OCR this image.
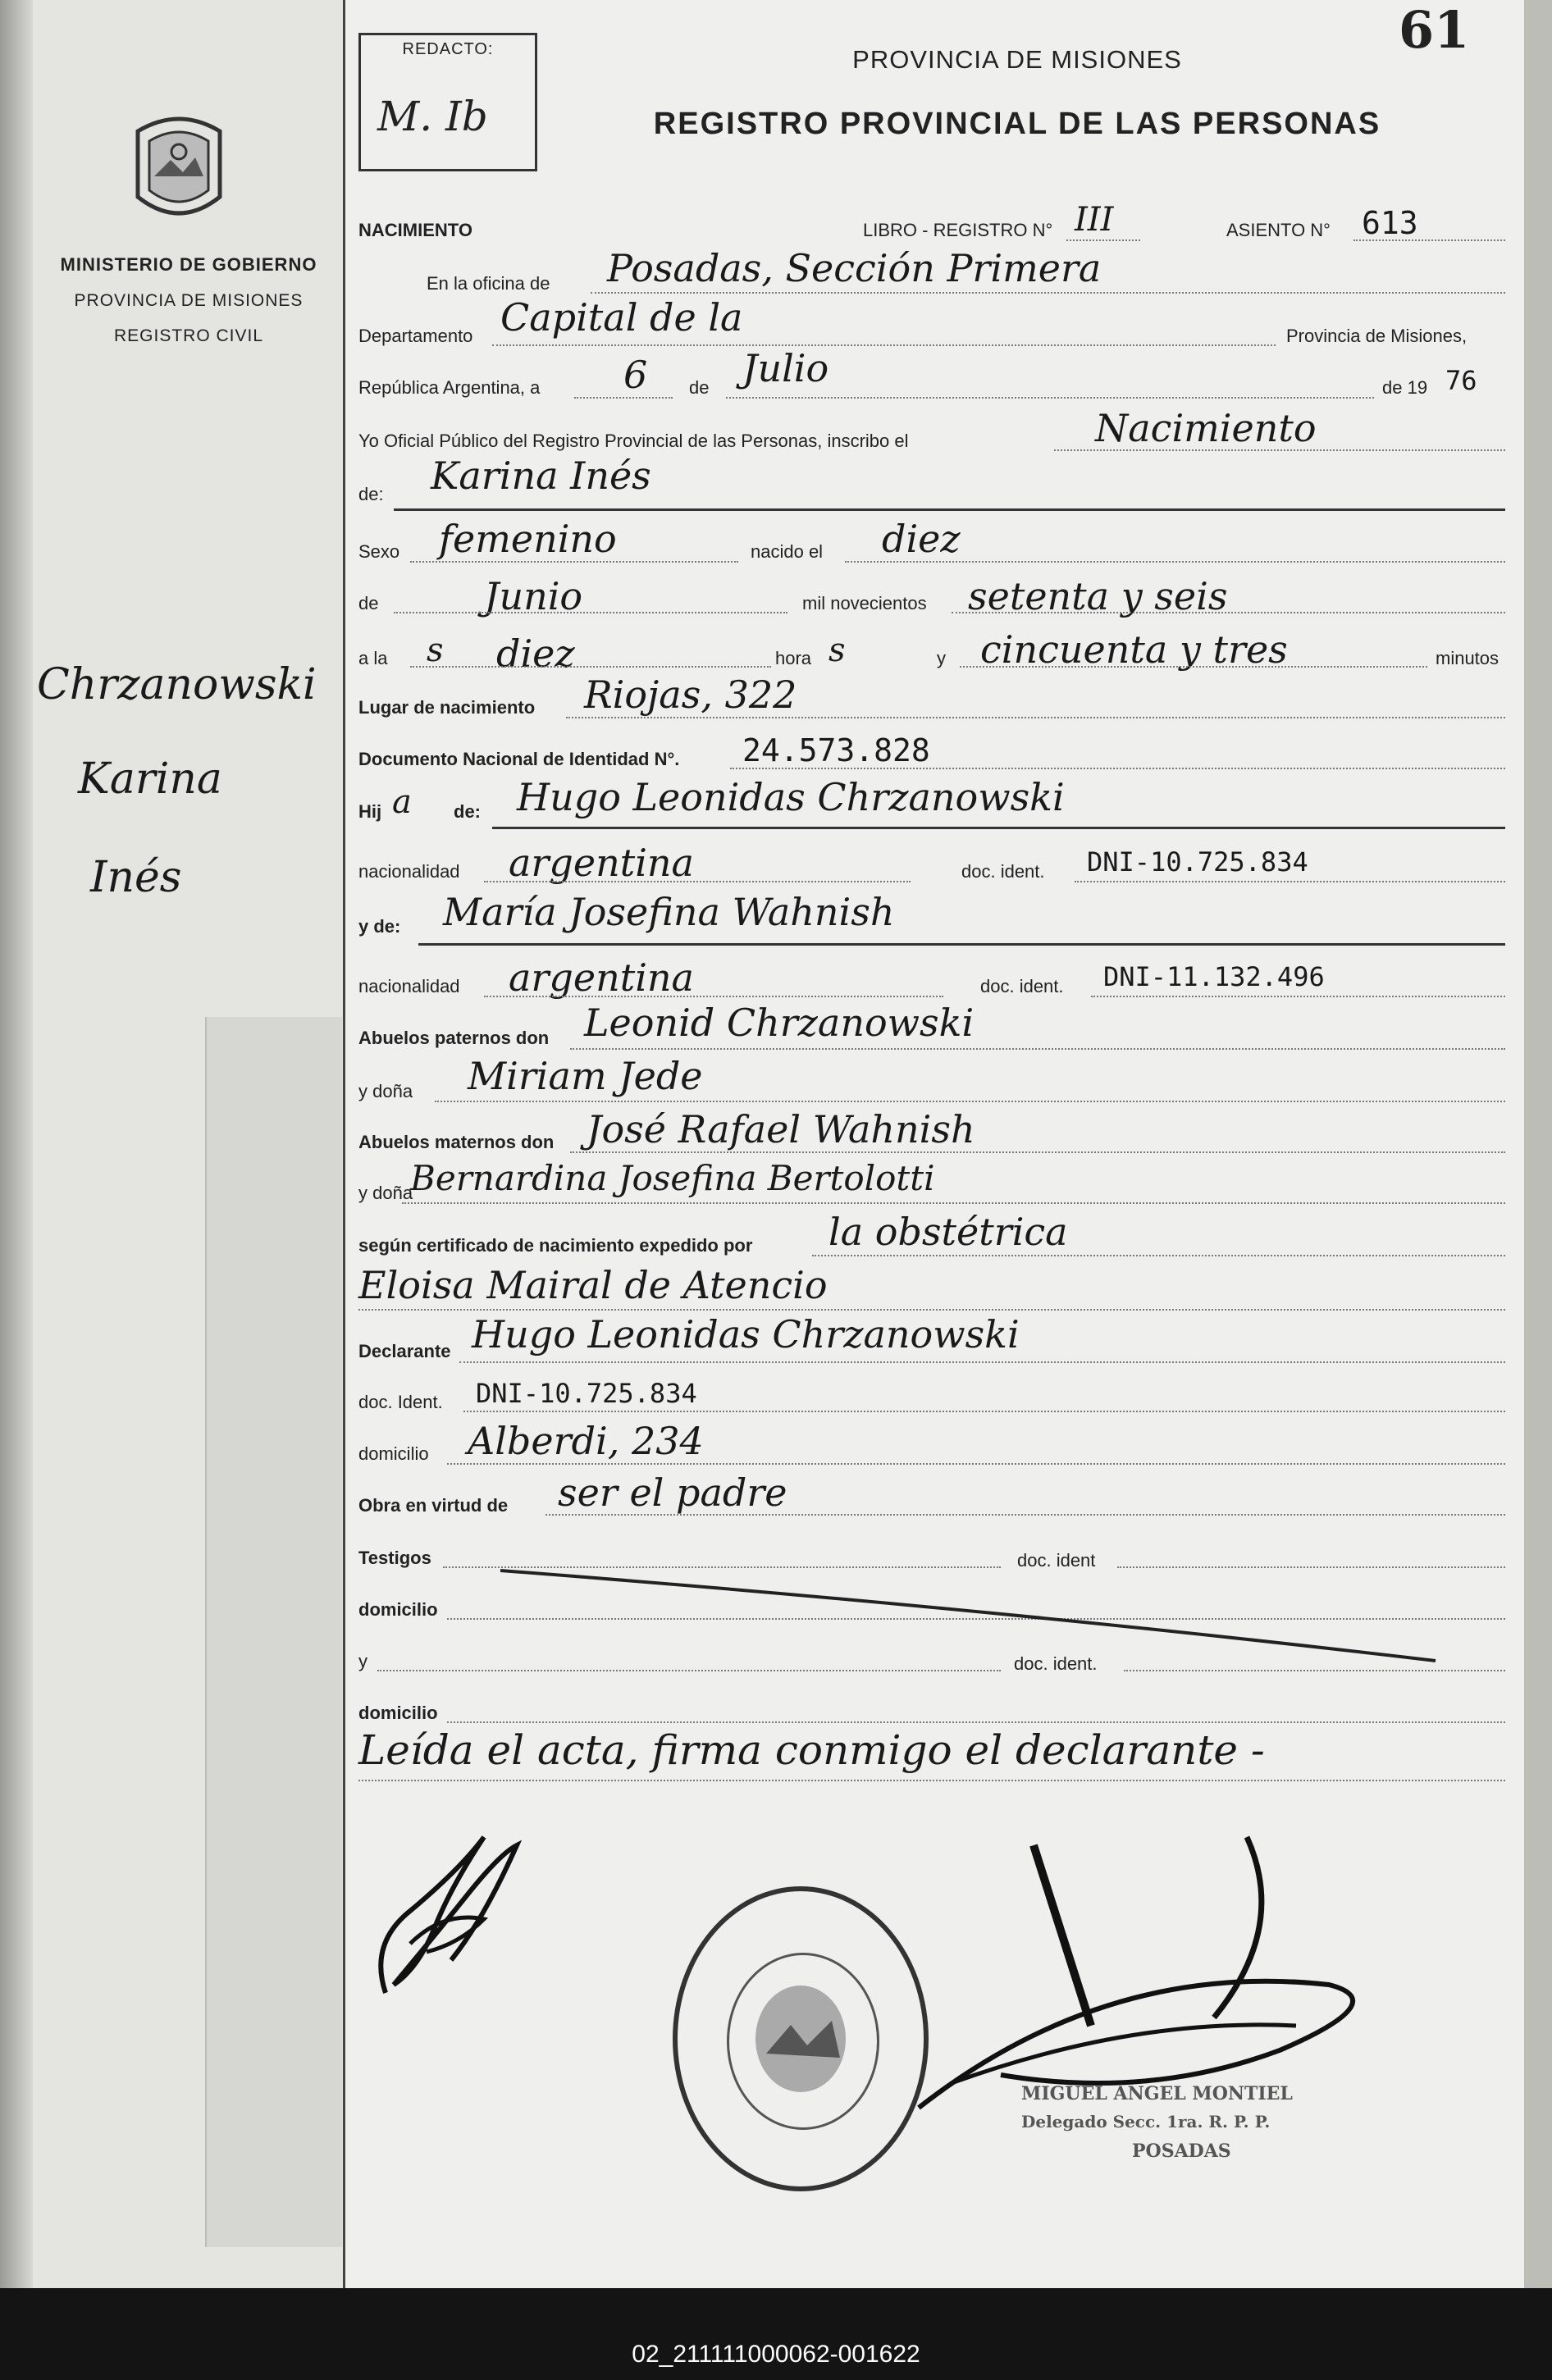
MINISTERIO DE GOBIERNO
PROVINCIA DE MISIONES
REGISTRO CIVIL
Chrzanowski
Karina
Inés
REDACTO:
M. Ib
61
PROVINCIA DE MISIONES
REGISTRO PROVINCIAL DE LAS PERSONAS
NACIMIENTO	LIBRO - REGISTRO N° III	ASIENTO N° 613
En la oficina de Posadas, Sección Primera
Departamento Capital de la	Provincia de Misiones,
República Argentina, a 6 de Julio	de 19 76
Yo Oficial Público del Registro Provincial de las Personas, inscribo el	Nacimiento
de: Karina Inés
Sexo femenino	nacido el diez
de	Junio	mil novecientos setenta y seis
a la s diez	hora s	y cincuenta y tres	minutos
Lugar de nacimiento Riojas, 322
Documento Nacional de Identidad N°. 24.573.828
Hij a de: Hugo Leonidas Chrzanowski
nacionalidad argentina	doc. ident. DNI-10.725.834
y de: María Josefina Wahnish
nacionalidad argentina	doc. ident. DNI-11.132.496
Abuelos paternos don Leonid Chrzanowski
y doña Miriam Jede
Abuelos maternos don José Rafael Wahnish
y doña
Bernardina Josefina Bertolotti
según certificado de nacimiento expedido por la obstétrica
Eloisa Mairal de Atencio
Declarante Hugo Leonidas Chrzanowski
doc. Ident. DNI-10.725.834
domicilio Alberdi, 234
Obra en virtud de ser el padre
Testigos	doc. ident
domicilio
y	doc. ident.
domicilio
Leída el acta, firma conmigo el declarante -
MIGUEL ANGEL MONTIEL
Delegado Secc. 1ra. R. P. P.
POSADAS
02_211111000062-001622
